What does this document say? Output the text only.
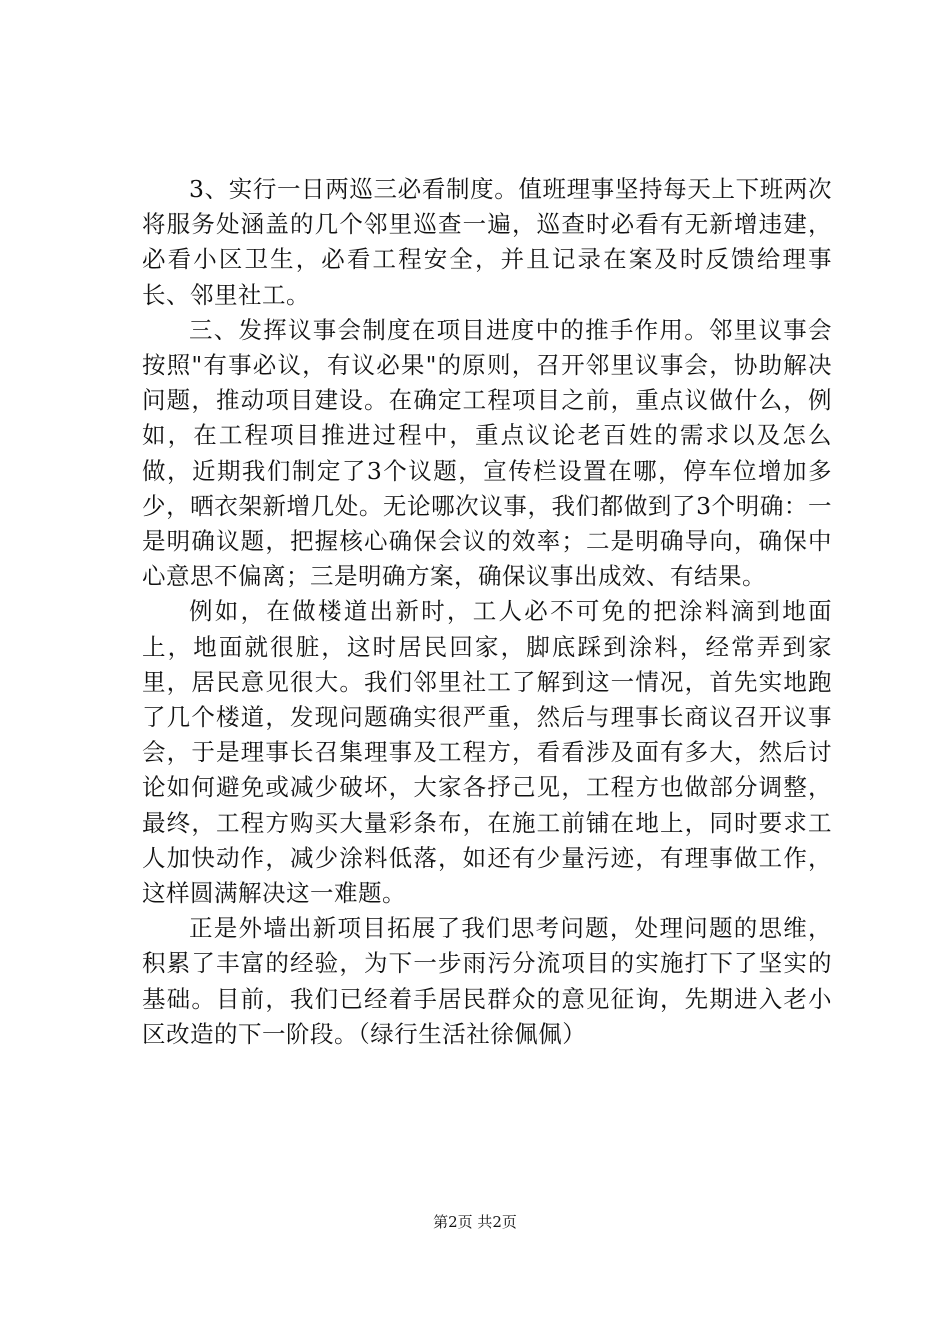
3、实行一日两巡三必看制度。值班理事坚持每天上下班两次将服务处涵盖的几个邻里巡查一遍，巡查时必看有无新增违建，必看小区卫生，必看工程安全，并且记录在案及时反馈给理事长、邻里社工。

三、发挥议事会制度在项目进度中的推手作用。邻里议事会按照"有事必议，有议必果"的原则，召开邻里议事会，协助解决问题，推动项目建设。在确定工程项目之前，重点议做什么，例如，在工程项目推进过程中，重点议论老百姓的需求以及怎么做，近期我们制定了3个议题，宣传栏设置在哪，停车位增加多少，晒衣架新增几处。无论哪次议事，我们都做到了3个明确：一是明确议题，把握核心确保会议的效率；二是明确导向，确保中心意思不偏离；三是明确方案，确保议事出成效、有结果。

例如，在做楼道出新时，工人必不可免的把涂料滴到地面上，地面就很脏，这时居民回家，脚底踩到涂料，经常弄到家里，居民意见很大。我们邻里社工了解到这一情况，首先实地跑了几个楼道，发现问题确实很严重，然后与理事长商议召开议事会，于是理事长召集理事及工程方，看看涉及面有多大，然后讨论如何避免或减少破坏，大家各抒己见，工程方也做部分调整，最终，工程方购买大量彩条布，在施工前铺在地上，同时要求工人加快动作，减少涂料低落，如还有少量污迹，有理事做工作，这样圆满解决这一难题。

正是外墙出新项目拓展了我们思考问题，处理问题的思维，积累了丰富的经验，为下一步雨污分流项目的实施打下了坚实的基础。目前，我们已经着手居民群众的意见征询，先期进入老小区改造的下一阶段。（绿行生活社徐佩佩）

第2页 共2页
